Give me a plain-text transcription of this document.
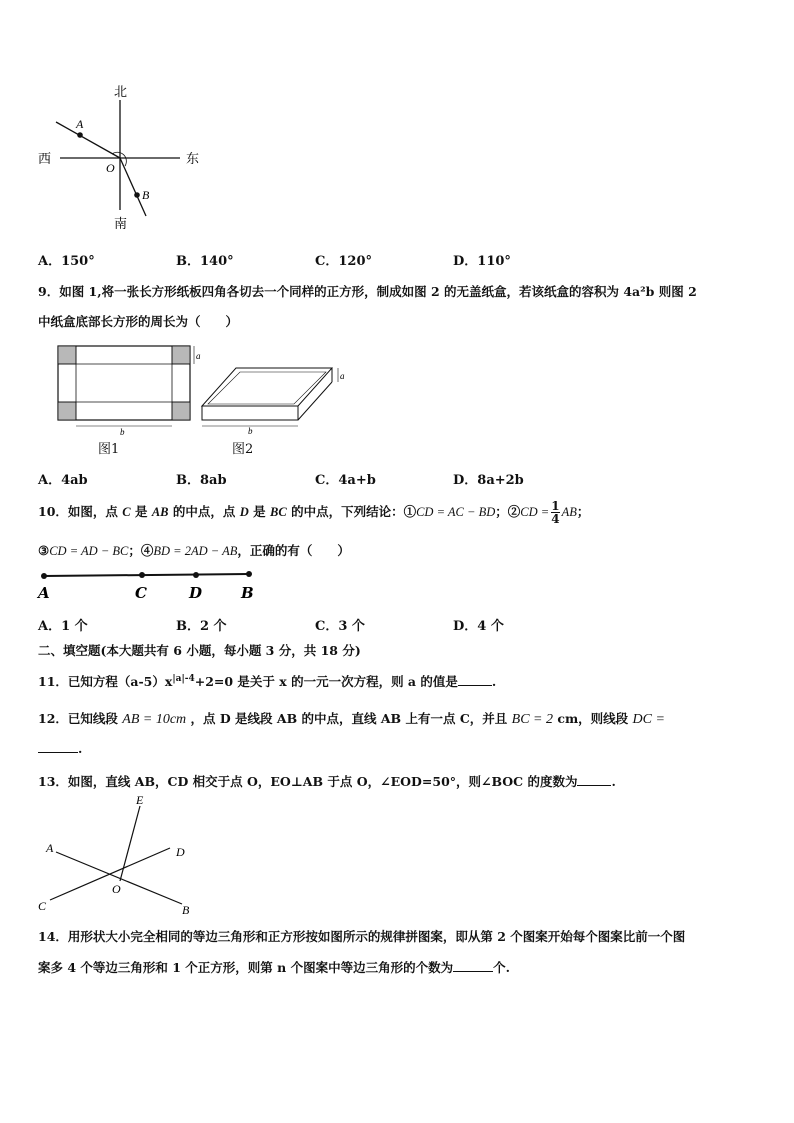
北
南
西	东
A
O
B
A．150°	B．140°	C．120°	D．110°
9．如图 1,将一张长方形纸板四角各切去一个同样的正方形，制成如图 2 的无盖纸盒，若该纸盒的容积为 4a²b 则图 2
中纸盒底部长方形的周长为（　　）
a
b
图1
a
b
图2
A．4ab	B．8ab	C．4a+b	D．8a+2b
10．如图，点 C 是 AB 的中点，点 D 是 BC 的中点，下列结论：①CD = AC − BD；②CD = $\frac{1}{4}$ AB；
③CD = AD − BC；④BD = 2AD − AB，正确的有（　　）
A	C	D	B
A．1 个	B．2 个	C．3 个	D．4 个
二、填空题(本大题共有 6 小题，每小题 3 分，共 18 分)
11．已知方程$(a-5)x^{|a|-4}+2=0$ 是关于 x 的一元一次方程，则 a 的值是	.
12．已知线段 AB = 10cm ，点 D 是线段 AB 的中点，直线 AB 上有一点 C，并且 BC = 2 cm，则线段 DC =
.
13．如图，直线 AB，CD 相交于点 O，EO⊥AB 于点 O，∠EOD=50°，则∠BOC 的度数为	.
E
A	D
O
C	B
14．用形状大小完全相同的等边三角形和正方形按如图所示的规律拼图案，即从第 2 个图案开始每个图案比前一个图
案多 4 个等边三角形和 1 个正方形，则第 n 个图案中等边三角形的个数为	个.
